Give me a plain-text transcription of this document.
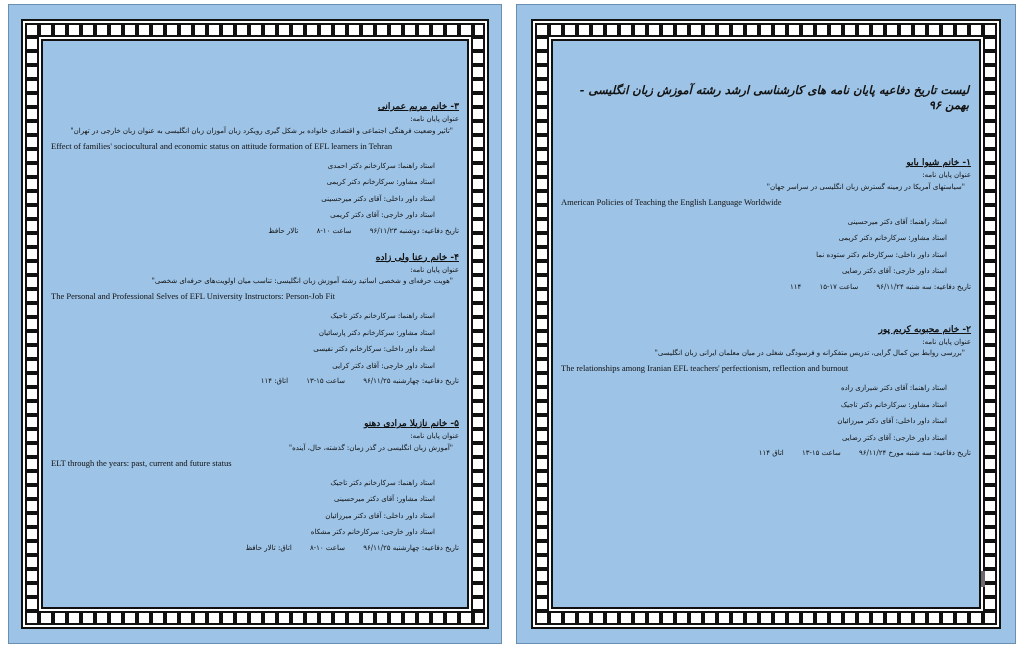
۳- خانم مریم عمرانی
عنوان پایان نامه:
"تاثیر وضعیت فرهنگی اجتماعی و اقتصادی خانواده بر شکل گیری رویکرد زبان آموزان زبان انگلیسی به عنوان زبان خارجی در تهران"
Effect of families' sociocultural and economic status on attitude formation of EFL learners in Tehran
استاد راهنما: سرکارخانم دکتر احمدی
استاد مشاور: سرکارخانم دکتر کریمی
استاد داور داخلی: آقای دکتر میرحسینی
استاد داور خارجی: آقای دکتر کریمی
تاریخ دفاعیه: دوشنبه ۹۶/۱۱/۲۳ ساعت ۱۰-۸ تالار حافظ
۴- خانم رعنا ولی زاده
عنوان پایان نامه:
"هویت حرفه‌ای و شخصی اساتید رشته آموزش زبان انگلیسی: تناسب میان اولویت‌های حرفه‌ای شخصی"
The Personal and Professional Selves of EFL University Instructors: Person-Job Fit
استاد راهنما: سرکارخانم دکتر تاجیک
استاد مشاور: سرکارخانم دکتر پارسائیان
استاد داور داخلی: سرکارخانم دکتر نفیسی
استاد داور خارجی: آقای دکتر کرایی
تاریخ دفاعیه: چهارشنبه ۹۶/۱۱/۲۵ ساعت ۱۵-۱۳ اتاق: ۱۱۴
۵- خانم نازیلا مرادی دهنو
عنوان پایان نامه:
"آموزش زبان انگلیسی در گذر زمان: گذشته، حال، آینده"
ELT through the years: past, current and future status
استاد راهنما: سرکارخانم دکتر تاجیک
استاد مشاور: آقای دکتر میرحسینی
استاد داور داخلی: آقای دکتر میرزائیان
استاد داور خارجی: سرکارخانم دکتر مشکاه
تاریخ دفاعیه: چهارشنبه ۹۶/۱۱/۲۵ ساعت ۱۰-۸ اتاق: تالار حافظ
لیست تاریخ دفاعیه پایان نامه های کارشناسی ارشد رشته آموزش زبان انگلیسی - بهمن ۹۶
۱- خانم شیوا بابو
عنوان پایان نامه:
"سیاستهای آمریکا در زمینه گسترش زبان انگلیسی در سراسر جهان"
American Policies of Teaching the English Language Worldwide
استاد راهنما: آقای دکتر میرحسینی
استاد مشاور: سرکارخانم دکتر کریمی
استاد داور داخلی: سرکارخانم دکتر ستوده نما
استاد داور خارجی: آقای دکتر رضایی
تاریخ دفاعیه: سه شنبه ۹۶/۱۱/۲۴ ساعت ۱۷-۱۵ ۱۱۴
۲- خانم محبوبه کریم پور
عنوان پایان نامه:
"بررسی روابط بین کمال گرایی، تدریس متفکرانه و فرسودگی شغلی در میان معلمان ایرانی زبان انگلیسی"
The relationships among Iranian EFL teachers' perfectionism, reflection and burnout
استاد راهنما: آقای دکتر شیرازی زاده
استاد مشاور: سرکارخانم دکتر تاجیک
استاد داور داخلی: آقای دکتر میرزائیان
استاد داور خارجی: آقای دکتر رضایی
تاریخ دفاعیه: سه شنبه مورخ ۹۶/۱۱/۲۴ ساعت ۱۵-۱۳ اتاق ۱۱۴
